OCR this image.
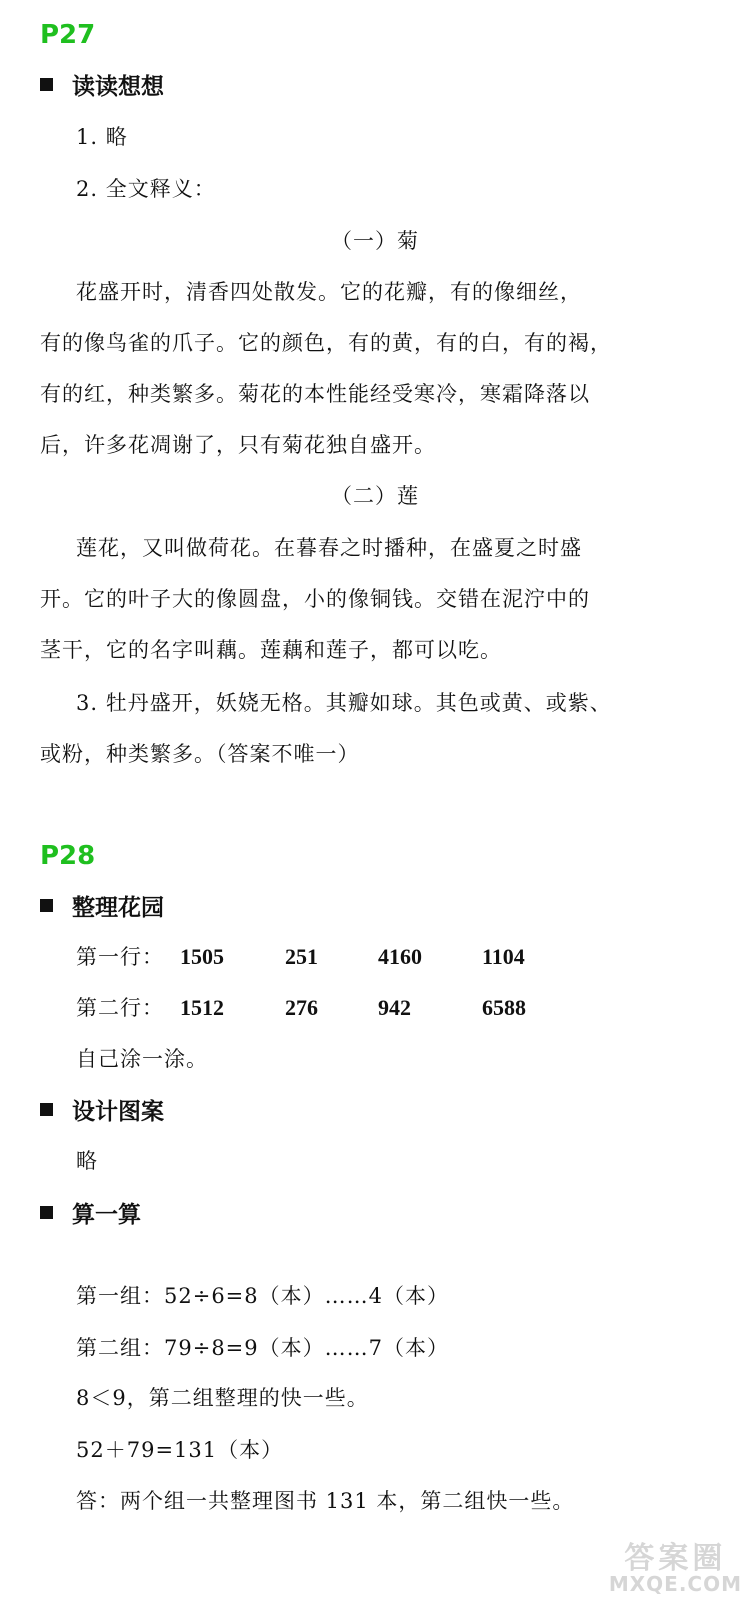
P27
读读想想
1. 略
2. 全文释义：
（一）菊
花盛开时，清香四处散发。它的花瓣，有的像细丝，
有的像鸟雀的爪子。它的颜色，有的黄，有的白，有的褐，
有的红，种类繁多。菊花的本性能经受寒冷，寒霜降落以
后，许多花凋谢了，只有菊花独自盛开。
（二）莲
莲花，又叫做荷花。在暮春之时播种，在盛夏之时盛
开。它的叶子大的像圆盘，小的像铜钱。交错在泥泞中的
茎干，它的名字叫藕。莲藕和莲子，都可以吃。
3. 牡丹盛开，妖娆无格。其瓣如球。其色或黄、或紫、
或粉，种类繁多。（答案不唯一）
P28
整理花园
第一行： 1505	251	4160	1104
第二行： 1512	276	942	6588
自己涂一涂。
设计图案
略
算一算
第一组：52÷6=8（本）……4（本）
第二组：79÷8=9（本）……7（本）
8＜9，第二组整理的快一些。
52＋79=131（本）
答：两个组一共整理图书 131 本，第二组快一些。
答案圈
MXQE.COM
